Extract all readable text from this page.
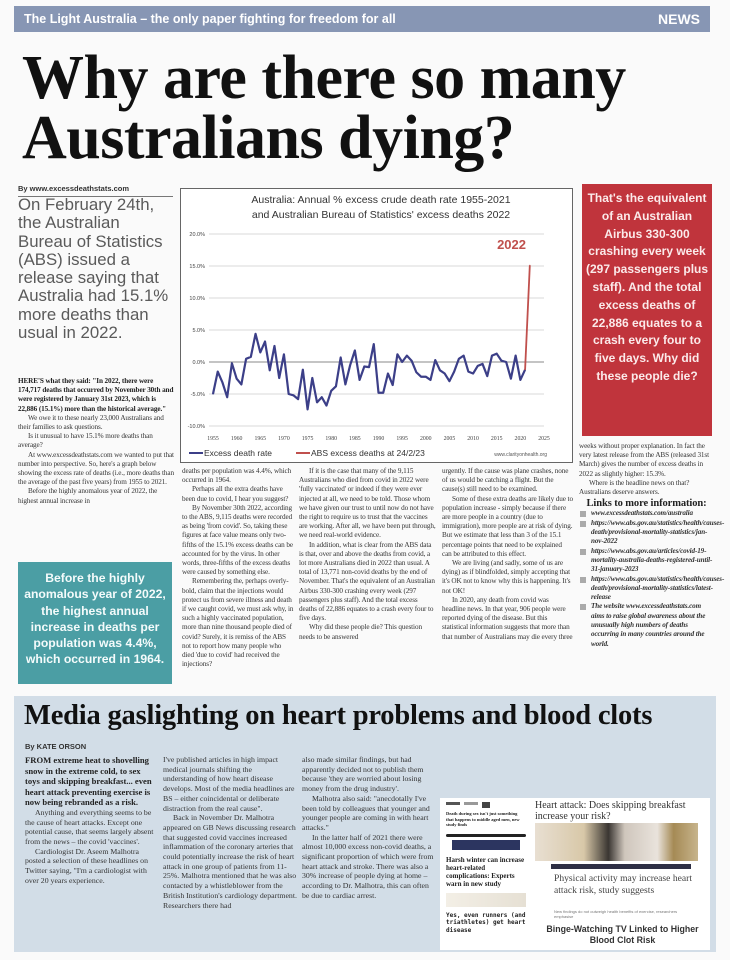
The Light Australia – the only paper fighting for freedom for all	NEWS
Why are there so many
Australians dying?
By www.excessdeathstats.com
On February 24th, the Australian Bureau of Statistics (ABS) issued a release saying that Australia had 15.1% more deaths than usual in 2022.

HERE'S what they said: "In 2022, there were 174,717 deaths that occurred by November 30th and were registered by January 31st 2023, which is 22,886 (15.1%) more than the historical average."

We owe it to these nearly 23,000 Australians and their families to ask questions.

Is it unusual to have 15.1% more deaths than average?

At www.excessdeathstats.com we wanted to put that number into perspective. So, here's a graph below showing the excess rate of deaths (i.e., more deaths than the average of the past five years) from 1955 to 2021.

Before the highly anomalous year of 2022, the highest annual increase in

Before the highly anomalous year of 2022, the highest annual increase in deaths per population was 4.4%, which occurred in 1964.
Australia: Annual % excess crude death rate 1955-2021
and Australian Bureau of Statistics' excess deaths 2022
20.0%
15.0%
10.0%
5.0%
0.0%
-5.0%
-10.0%
1955 1960 1965 1970 1975 1980 1985 1990 1995 2000 2005 2010 2015 2020 2025
2022
Excess death rate	ABS excess deaths at 24/2/23	www.clarityonhealth.org
That's the equivalent of an Australian Airbus 330-300 crashing every week (297 passengers plus staff). And the total excess deaths of 22,886 equates to a crash every four to five days. Why did these people die?

deaths per population was 4.4%, which occurred in 1964.

Perhaps all the extra deaths have been due to covid, I hear you suggest?

By November 30th 2022, according to the ABS, 9,115 deaths were recorded as being 'from covid'. So, taking these figures at face value means only two-fifths of the 15.1% excess deaths can be accounted for by the virus. In other words, three-fifths of the excess deaths were caused by something else.

Remembering the, perhaps overly-bold, claim that the injections would protect us from severe illness and death if we caught covid, we must ask why, in such a highly vaccinated population, more than nine thousand people died of covid? Surely, it is remiss of the ABS not to report how many people who died 'due to covid' had received the injections?

If it is the case that many of the 9,115 Australians who died from covid in 2022 were 'fully vaccinated' or indeed if they were ever injected at all, we need to be told. Those whom we have given our trust to until now do not have the right to require us to trust that the vaccines are working. After all, we have been put through, we need real-world evidence.

In addition, what is clear from the ABS data is that, over and above the deaths from covid, a lot more Australians died in 2022 than usual. A total of 13,771 non-covid deaths by the end of November. That's the equivalent of an Australian Airbus 330-300 crashing every week (297 passengers plus staff). And the total excess deaths of 22,886 equates to a crash every four to five days.

Why did these people die? This question needs to be answered

urgently. If the cause was plane crashes, none of us would be catching a flight. But the cause(s) still need to be examined.

Some of these extra deaths are likely due to population increase - simply because if there are more people in a country (due to immigration), more people are at risk of dying. But we estimate that less than 3 of the 15.1 percentage points that need to be explained can be attributed to this effect.

We are living (and sadly, some of us are dying) as if blindfolded, simply accepting that it's OK not to know why this is happening. It's not OK!

In 2020, any death from covid was headline news. In that year, 906 people were reported dying of the disease. But this statistical information suggests that more than that number of Australians may die every three

weeks without proper explanation. In fact the very latest release from the ABS (released 31st March) gives the number of excess deaths in 2022 as slightly higher: 15.3%.

Where is the headline news on that? Australians deserve answers.

Links to more information:
www.excessdeathstats.com/australia
https://www.abs.gov.au/statistics/health/causes-death/provisional-mortality-statistics/jan-nov-2022
https://www.abs.gov.au/articles/covid-19-mortality-australia-deaths-registered-until-31-january-2023
https://www.abs.gov.au/statistics/health/causes-death/provisional-mortality-statistics/latest-release
The website www.excessdeathstats.com aims to raise global awareness about the unusually high numbers of deaths occurring in many countries around the world.
Media gaslighting on heart problems and blood clots
By KATE ORSON

FROM extreme heat to shovelling snow in the extreme cold, to sex toys and skipping breakfast... even heart attack preventing exercise is now being rebranded as a risk.

Anything and everything seems to be the cause of heart attacks. Except one potential cause, that seems largely absent from the news – the covid 'vaccines'.

Cardiologist Dr. Aseem Malhotra posted a selection of these headlines on Twitter saying, "I'm a cardiologist with over 20 years experience.

I've published articles in high impact medical journals shifting the understanding of how heart disease develops. Most of the media headlines are BS – either coincidental or deliberate distraction from the real cause".

Back in November Dr. Malhotra appeared on GB News discussing research that suggested covid vaccines increased inflammation of the coronary arteries that could potentially increase the risk of heart attack in one group of patients from 11-25%. Malhotra mentioned that he was also contacted by a whistleblower from the British Institution's cardiology department. Researchers there had

also made similar findings, but had apparently decided not to publish them because 'they are worried about losing money from the drug industry'.

Malhotra also said: "anecdotally I've been told by colleagues that younger and younger people are coming in with heart attacks."

In the latter half of 2021 there were almost 10,000 excess non-covid deaths, a significant proportion of which were from heart attack and stroke. There was also a 30% increase of people dying at home – according to Dr. Malhotra, this can often be due to cardiac arrest.

Death during sex isn't just something that happens to middle aged men, new study finds
Harsh winter can increase heart-related complications: Experts warn in new study
Yes, even runners (and triathletes) get heart disease
Heart attack: Does skipping breakfast increase your risk?
Physical activity may increase heart attack risk, study suggests
New findings do not outweigh health benefits of exercise, researchers emphasise
Binge-Watching TV Linked to Higher Blood Clot Risk
